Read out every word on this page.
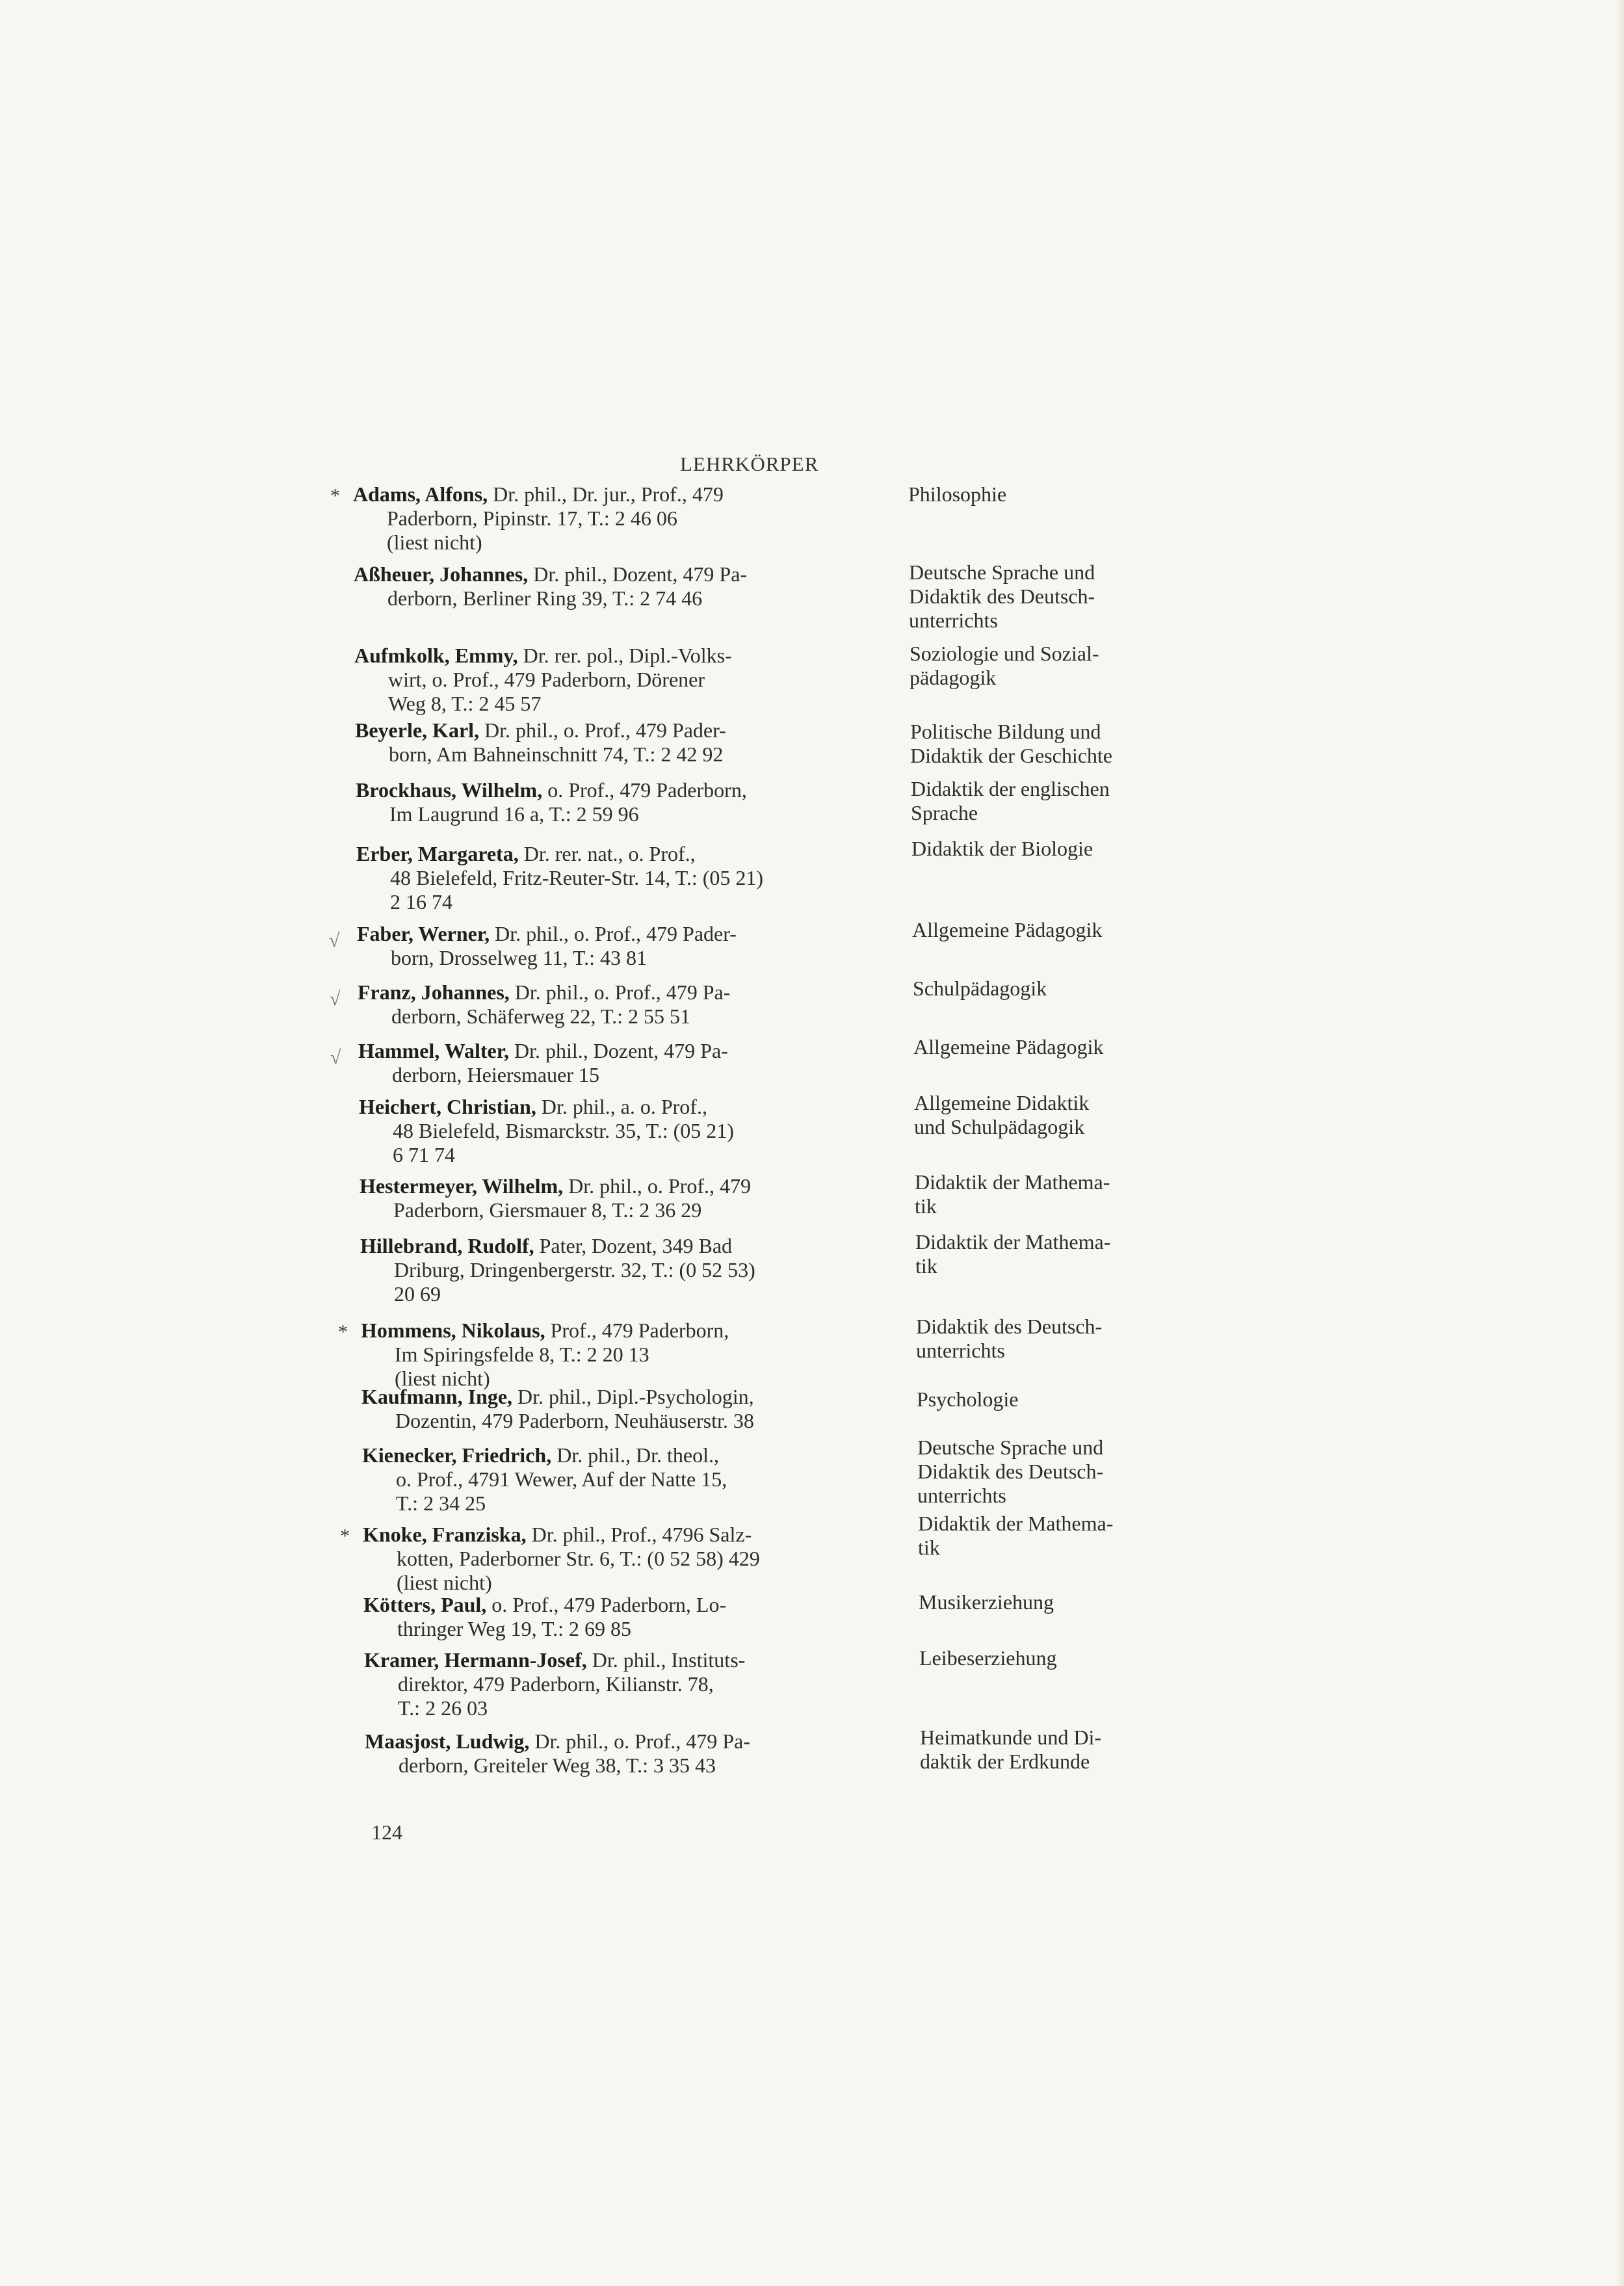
LEHRKÖRPER
* Adams, Alfons, Dr. phil., Dr. jur., Prof., 479
Paderborn, Pipinstr. 17, T.: 2 46 06
(liest nicht)
Philosophie
Aßheuer, Johannes, Dr. phil., Dozent, 479 Pa-
derborn, Berliner Ring 39, T.: 2 74 46
Deutsche Sprache und
Didaktik des Deutsch-
unterrichts
Aufmkolk, Emmy, Dr. rer. pol., Dipl.-Volks-
wirt, o. Prof., 479 Paderborn, Dörener
Weg 8, T.: 2 45 57
Soziologie und Sozial-
pädagogik
Beyerle, Karl, Dr. phil., o. Prof., 479 Pader-
born, Am Bahneinschnitt 74, T.: 2 42 92
Politische Bildung und
Didaktik der Geschichte
Brockhaus, Wilhelm, o. Prof., 479 Paderborn,
Im Laugrund 16 a, T.: 2 59 96
Didaktik der englischen
Sprache
Erber, Margareta, Dr. rer. nat., o. Prof.,
48 Bielefeld, Fritz-Reuter-Str. 14, T.: (05 21)
2 16 74
Didaktik der Biologie
√ Faber, Werner, Dr. phil., o. Prof., 479 Pader-
born, Drosselweg 11, T.: 43 81
Allgemeine Pädagogik
√ Franz, Johannes, Dr. phil., o. Prof., 479 Pa-
derborn, Schäferweg 22, T.: 2 55 51
Schulpädagogik
√ Hammel, Walter, Dr. phil., Dozent, 479 Pa-
derborn, Heiersmauer 15
Allgemeine Pädagogik
Heichert, Christian, Dr. phil., a. o. Prof.,
48 Bielefeld, Bismarckstr. 35, T.: (05 21)
6 71 74
Allgemeine Didaktik
und Schulpädagogik
Hestermeyer, Wilhelm, Dr. phil., o. Prof., 479
Paderborn, Giersmauer 8, T.: 2 36 29
Didaktik der Mathema-
tik
Hillebrand, Rudolf, Pater, Dozent, 349 Bad
Driburg, Dringenbergerstr. 32, T.: (0 52 53)
20 69
Didaktik der Mathema-
tik
* Hommens, Nikolaus, Prof., 479 Paderborn,
Im Spiringsfelde 8, T.: 2 20 13
(liest nicht)
Didaktik des Deutsch-
unterrichts
Kaufmann, Inge, Dr. phil., Dipl.-Psychologin,
Dozentin, 479 Paderborn, Neuhäuserstr. 38
Psychologie
Kienecker, Friedrich, Dr. phil., Dr. theol.,
o. Prof., 4791 Wewer, Auf der Natte 15,
T.: 2 34 25
Deutsche Sprache und
Didaktik des Deutsch-
unterrichts
* Knoke, Franziska, Dr. phil., Prof., 4796 Salz-
kotten, Paderborner Str. 6, T.: (0 52 58) 429
(liest nicht)
Didaktik der Mathema-
tik
Kötters, Paul, o. Prof., 479 Paderborn, Lo-
thringer Weg 19, T.: 2 69 85
Musikerziehung
Kramer, Hermann-Josef, Dr. phil., Instituts-
direktor, 479 Paderborn, Kilianstr. 78,
T.: 2 26 03
Leibeserziehung
Maasjost, Ludwig, Dr. phil., o. Prof., 479 Pa-
derborn, Greiteler Weg 38, T.: 3 35 43
Heimatkunde und Di-
daktik der Erdkunde
124
